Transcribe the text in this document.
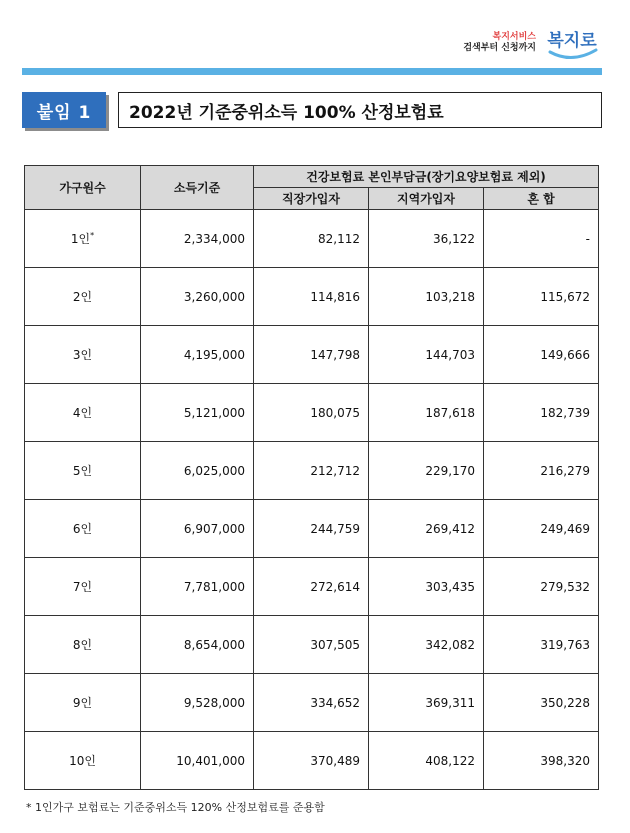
복지서비스
검색부터 신청까지 복지로
붙임 1	2022년 기준중위소득 100% 산정보험료
가구원수	소득기준	건강보험료 본인부담금(장기요양보험료 제외)		
		직장가입자	지역가입자	혼 합
1인*	2,334,000	82,112	36,122	-
2인	3,260,000	114,816	103,218	115,672
3인	4,195,000	147,798	144,703	149,666
4인	5,121,000	180,075	187,618	182,739
5인	6,025,000	212,712	229,170	216,279
6인	6,907,000	244,759	269,412	249,469
7인	7,781,000	272,614	303,435	279,532
8인	8,654,000	307,505	342,082	319,763
9인	9,528,000	334,652	369,311	350,228
10인	10,401,000	370,489	408,122	398,320
* 1인가구 보험료는 기준중위소득 120% 산정보험료를 준용함
